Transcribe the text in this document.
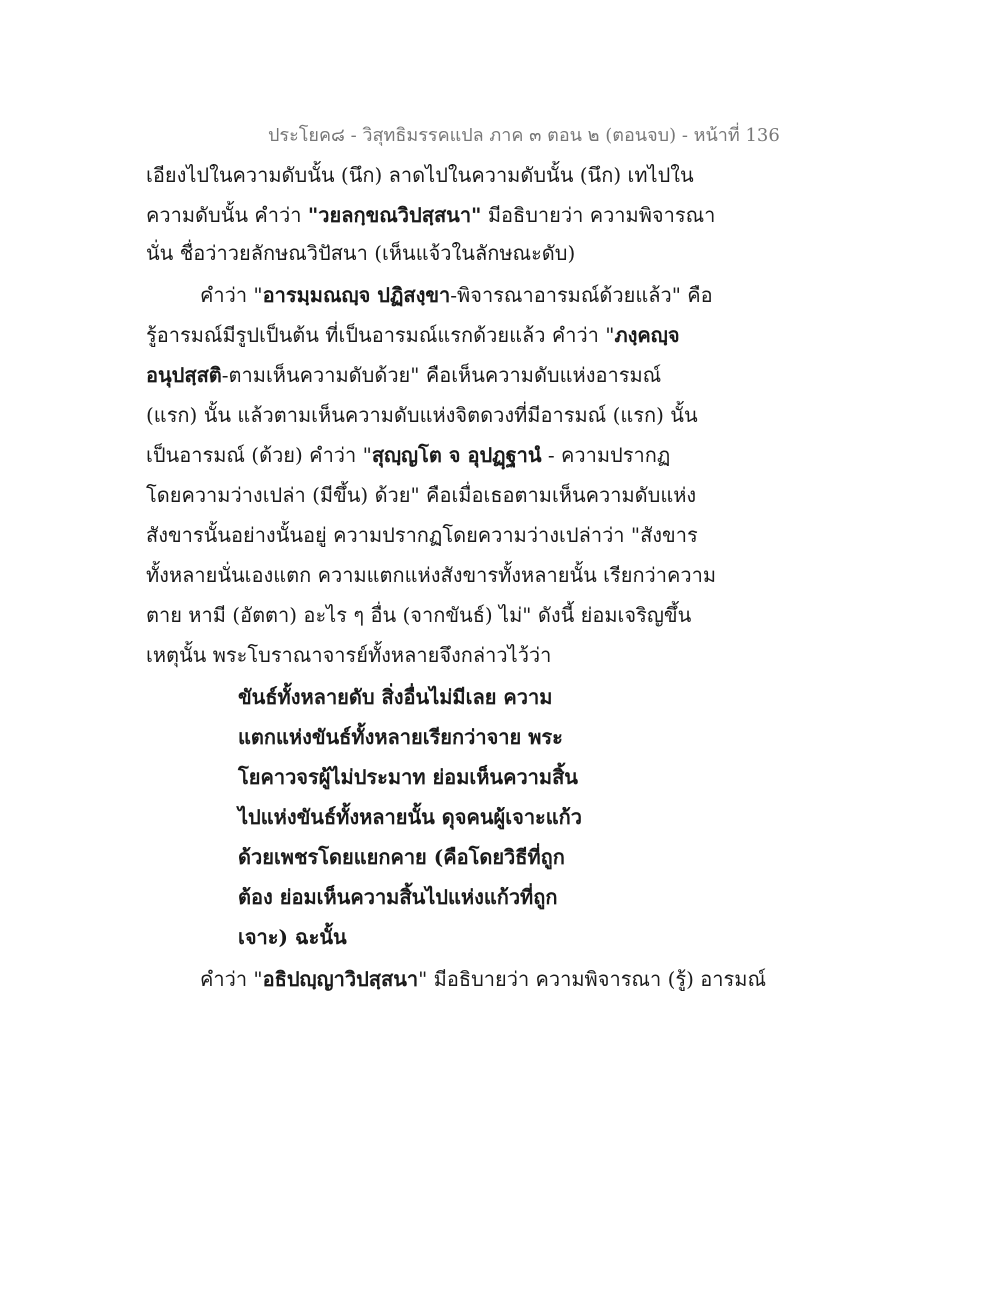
ประโยค๘ - วิสุทธิมรรคแปล ภาค ๓ ตอน ๒ (ตอนจบ) - หน้าที่ 136
เอียงไปในความดับนั้น (นึก) ลาดไปในความดับนั้น (นึก) เทไปใน
ความดับนั้น คำว่า "วยลกฺขณวิปสฺสนา" มีอธิบายว่า ความพิจารณา
นั่น ชื่อว่าวยลักษณวิปัสนา (เห็นแจ้วในลักษณะดับ)
คำว่า "อารมฺมณญฺจ ปฏิสงฺขา-พิจารณาอารมณ์ด้วยแล้ว" คือ
รู้อารมณ์มีรูปเป็นต้น ที่เป็นอารมณ์แรกด้วยแล้ว คำว่า "ภงฺคญฺจ
อนุปสฺสติ-ตามเห็นความดับด้วย" คือเห็นความดับแห่งอารมณ์
(แรก) นั้น แล้วตามเห็นความดับแห่งจิตดวงที่มีอารมณ์ (แรก) นั้น
เป็นอารมณ์ (ด้วย) คำว่า "สุญฺญโต จ อุปฏฺฐานํ - ความปรากฏ
โดยความว่างเปล่า (มีขึ้น) ด้วย" คือเมื่อเธอตามเห็นความดับแห่ง
สังขารนั้นอย่างนั้นอยู่ ความปรากฏโดยความว่างเปล่าว่า "สังขาร
ทั้งหลายนั่นเองแตก ความแตกแห่งสังขารทั้งหลายนั้น เรียกว่าความ
ตาย หามี (อัตตา) อะไร ๆ อื่น (จากขันธ์) ไม่" ดังนี้ ย่อมเจริญขึ้น
เหตุนั้น พระโบราณาจารย์ทั้งหลายจึงกล่าวไว้ว่า
ขันธ์ทั้งหลายดับ สิ่งอื่นไม่มีเลย ความ
แตกแห่งขันธ์ทั้งหลายเรียกว่าจาย พระ
โยคาวจรผู้ไม่ประมาท ย่อมเห็นความสิ้น
ไปแห่งขันธ์ทั้งหลายนั้น ดุจคนผู้เจาะแก้ว
ด้วยเพชรโดยแยกคาย (คือโดยวิธีที่ถูก
ต้อง ย่อมเห็นความสิ้นไปแห่งแก้วที่ถูก
เจาะ) ฉะนั้น
คำว่า "อธิปญฺญาวิปสฺสนา" มีอธิบายว่า ความพิจารณา (รู้) อารมณ์
